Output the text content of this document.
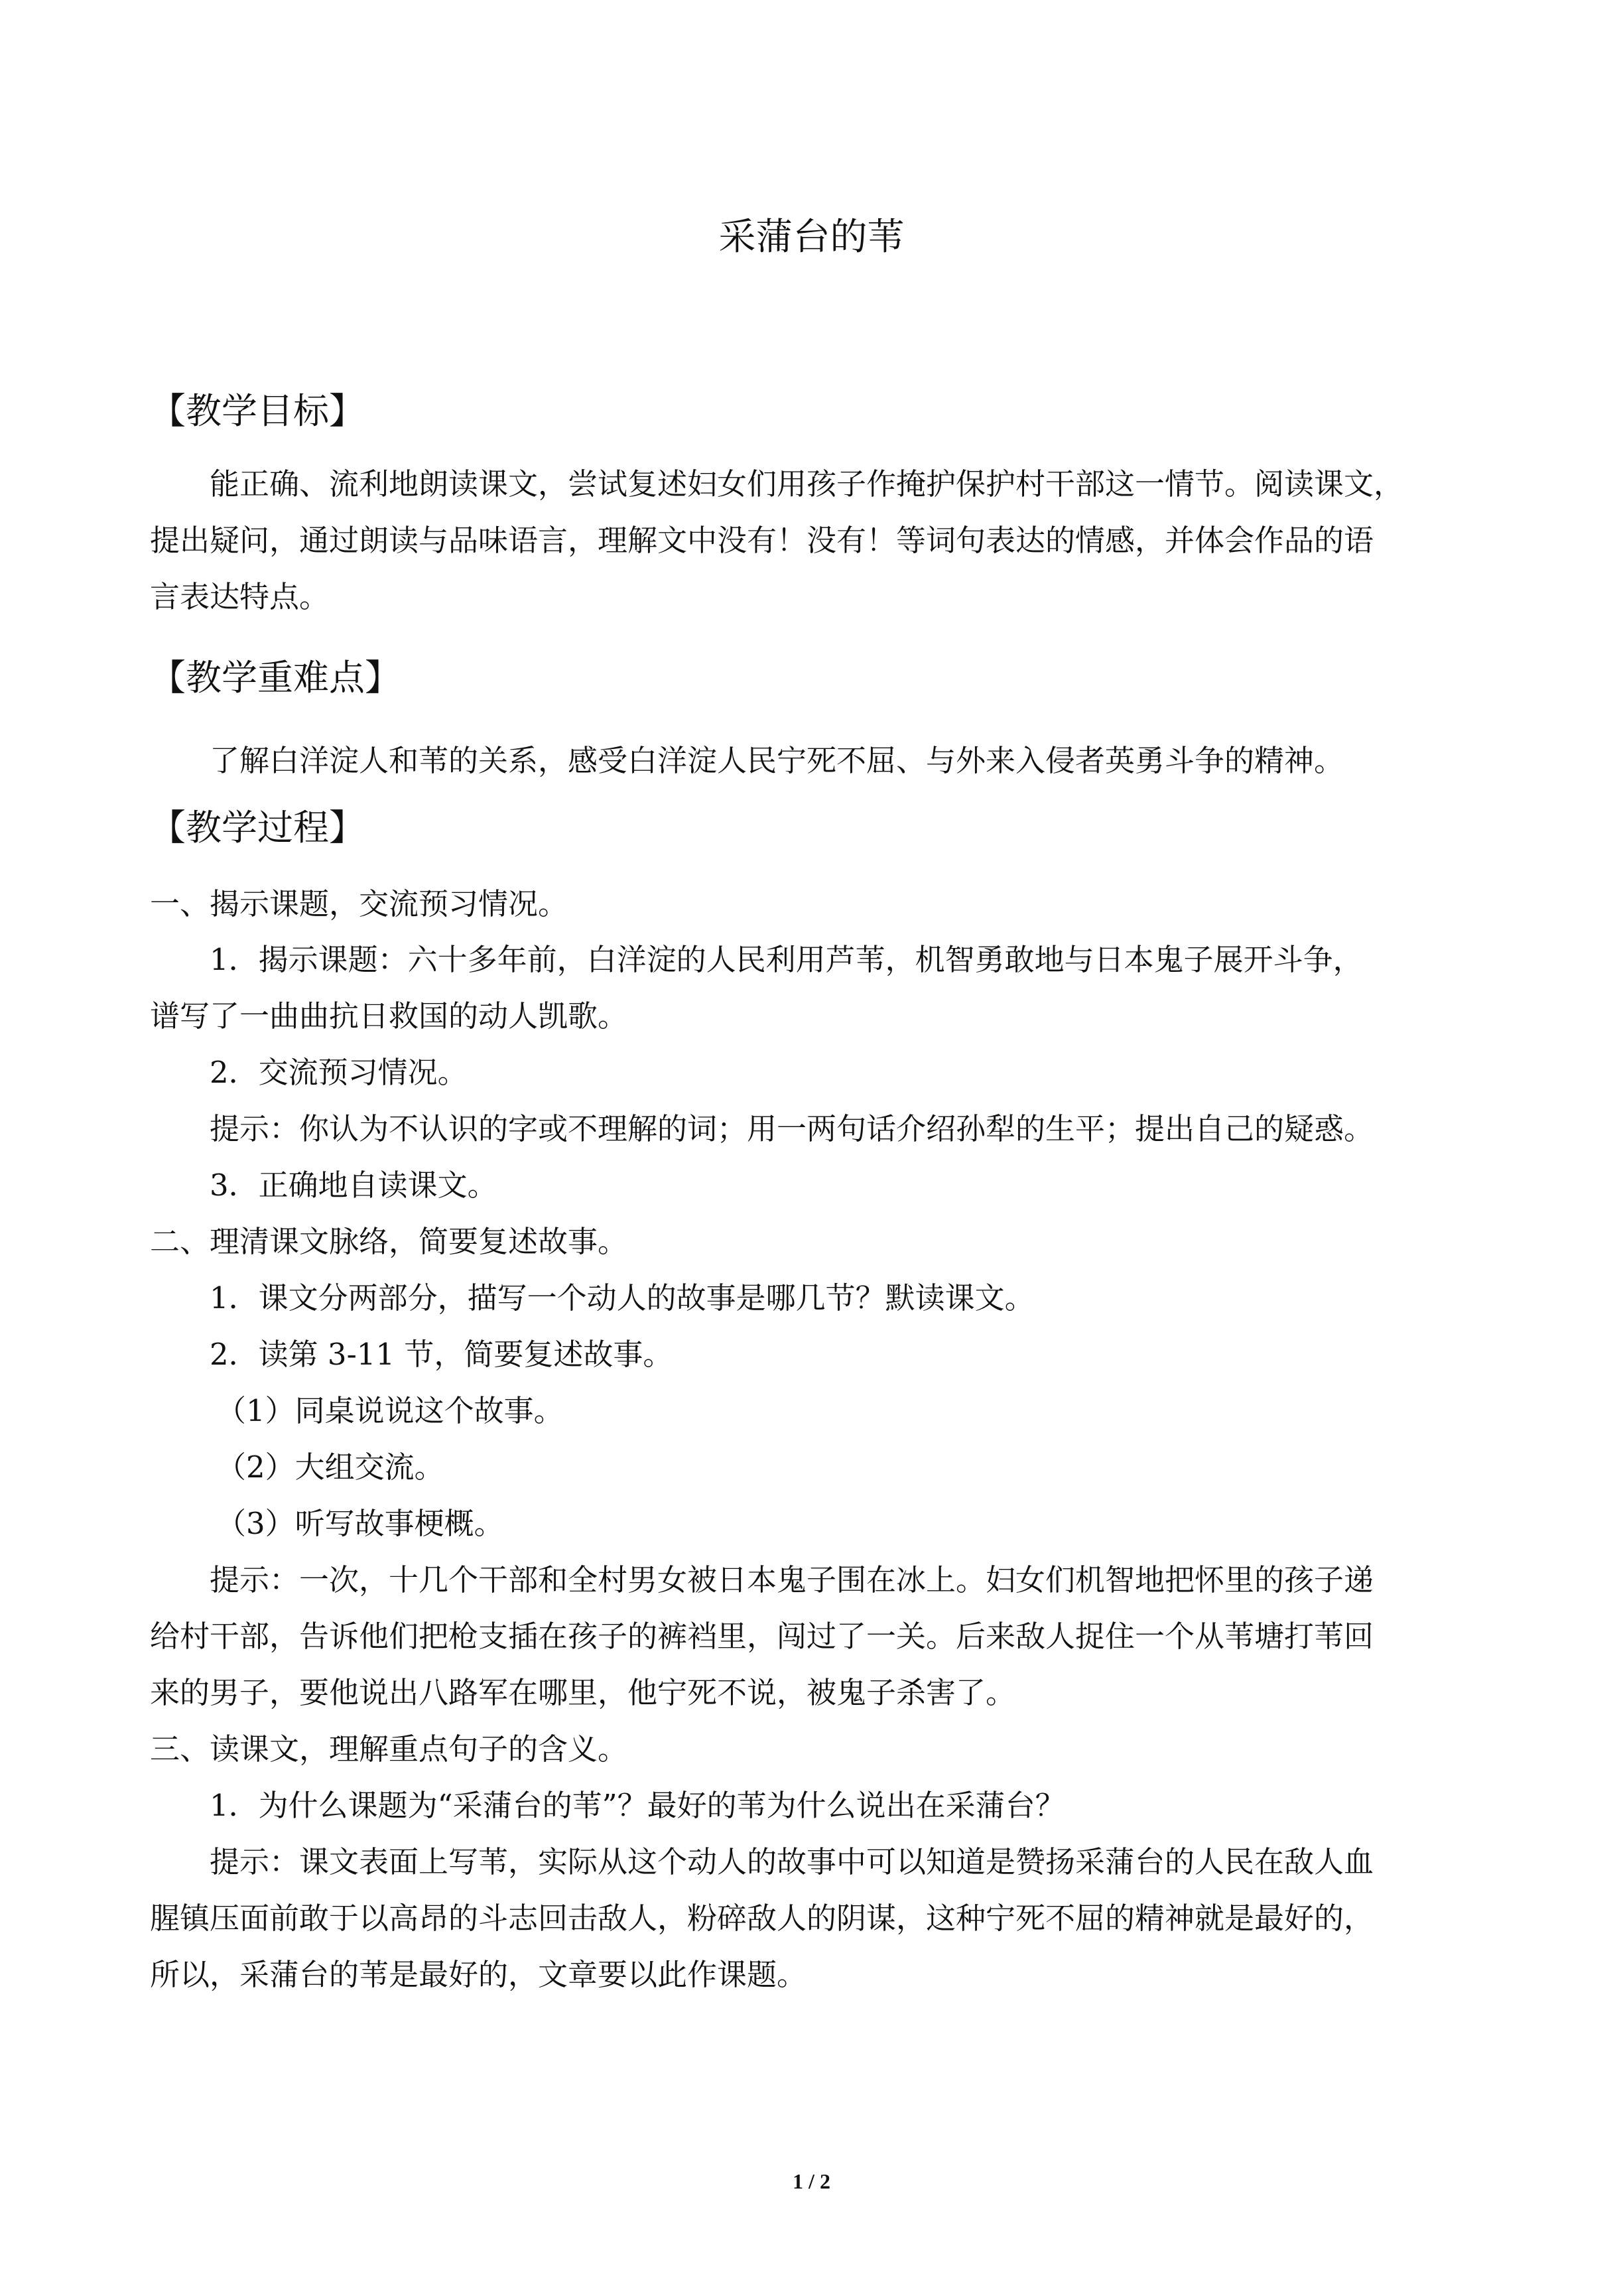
采蒲台的苇
【教学目标】
能正确、流利地朗读课文，尝试复述妇女们用孩子作掩护保护村干部这一情节。阅读课文，
提出疑问，通过朗读与品味语言，理解文中没有！没有！等词句表达的情感，并体会作品的语
言表达特点。
【教学重难点】
了解白洋淀人和苇的关系，感受白洋淀人民宁死不屈、与外来入侵者英勇斗争的精神。
【教学过程】
一、揭示课题，交流预习情况。
1．揭示课题：六十多年前，白洋淀的人民利用芦苇，机智勇敢地与日本鬼子展开斗争，
谱写了一曲曲抗日救国的动人凯歌。
2．交流预习情况。
提示：你认为不认识的字或不理解的词；用一两句话介绍孙犁的生平；提出自己的疑惑。
3．正确地自读课文。
二、理清课文脉络，简要复述故事。
1．课文分两部分，描写一个动人的故事是哪几节？默读课文。
2．读第 3-11 节，简要复述故事。
（1）同桌说说这个故事。
（2）大组交流。
（3）听写故事梗概。
提示：一次，十几个干部和全村男女被日本鬼子围在冰上。妇女们机智地把怀里的孩子递
给村干部，告诉他们把枪支插在孩子的裤裆里，闯过了一关。后来敌人捉住一个从苇塘打苇回
来的男子，要他说出八路军在哪里，他宁死不说，被鬼子杀害了。
三、读课文，理解重点句子的含义。
1．为什么课题为“采蒲台的苇”？最好的苇为什么说出在采蒲台？
提示：课文表面上写苇，实际从这个动人的故事中可以知道是赞扬采蒲台的人民在敌人血
腥镇压面前敢于以高昂的斗志回击敌人，粉碎敌人的阴谋，这种宁死不屈的精神就是最好的，
所以，采蒲台的苇是最好的，文章要以此作课题。
1 / 2
